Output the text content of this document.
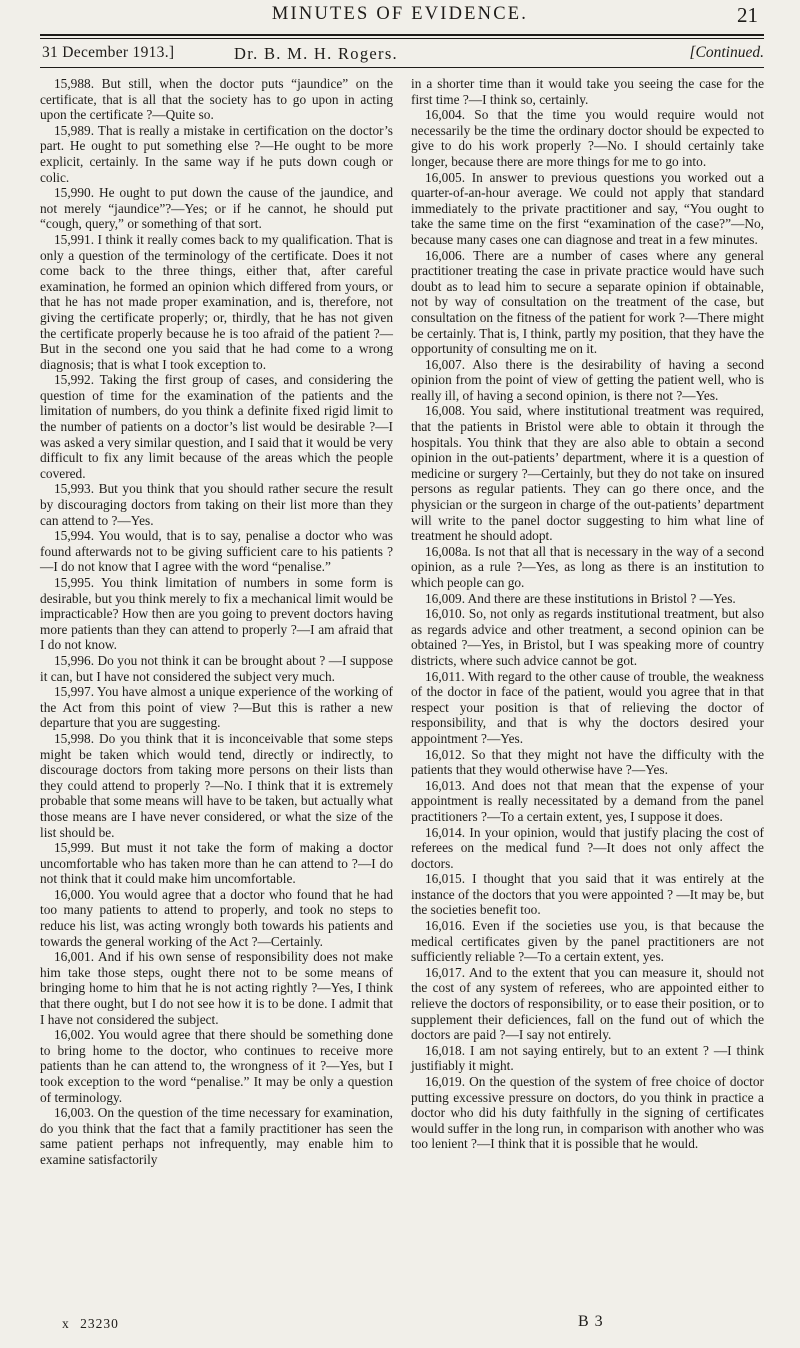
MINUTES OF EVIDENCE.	21
31 December 1913.]	Dr. B. M. H. Rogers.	[Continued.

15,988. But still, when the doctor puts “jaundice” on the certificate, that is all that the society has to go upon in acting upon the certificate ?—Quite so.

15,989. That is really a mistake in certification on the doctor’s part. He ought to put something else ?—He ought to be more explicit, certainly. In the same way if he puts down cough or colic.

15,990. He ought to put down the cause of the jaundice, and not merely “jaundice”?—Yes; or if he cannot, he should put “cough, query,” or something of that sort.

15,991. I think it really comes back to my qualification. That is only a question of the terminology of the certificate. Does it not come back to the three things, either that, after careful examination, he formed an opinion which differed from yours, or that he has not made proper examination, and is, therefore, not giving the certificate properly; or, thirdly, that he has not given the certificate properly because he is too afraid of the patient ?—But in the second one you said that he had come to a wrong diagnosis; that is what I took exception to.

15,992. Taking the first group of cases, and considering the question of time for the examination of the patients and the limitation of numbers, do you think a definite fixed rigid limit to the number of patients on a doctor’s list would be desirable ?—I was asked a very similar question, and I said that it would be very difficult to fix any limit because of the areas which the people covered.

15,993. But you think that you should rather secure the result by discouraging doctors from taking on their list more than they can attend to ?—Yes.

15,994. You would, that is to say, penalise a doctor who was found afterwards not to be giving sufficient care to his patients ?—I do not know that I agree with the word “penalise.”

15,995. You think limitation of numbers in some form is desirable, but you think merely to fix a mechanical limit would be impracticable? How then are you going to prevent doctors having more patients than they can attend to properly ?—I am afraid that I do not know.

15,996. Do you not think it can be brought about ? —I suppose it can, but I have not considered the subject very much.

15,997. You have almost a unique experience of the working of the Act from this point of view ?—But this is rather a new departure that you are suggesting.

15,998. Do you think that it is inconceivable that some steps might be taken which would tend, directly or indirectly, to discourage doctors from taking more persons on their lists than they could attend to properly ?—No. I think that it is extremely probable that some means will have to be taken, but actually what those means are I have never considered, or what the size of the list should be.

15,999. But must it not take the form of making a doctor uncomfortable who has taken more than he can attend to ?—I do not think that it could make him uncomfortable.

16,000. You would agree that a doctor who found that he had too many patients to attend to properly, and took no steps to reduce his list, was acting wrongly both towards his patients and towards the general working of the Act ?—Certainly.

16,001. And if his own sense of responsibility does not make him take those steps, ought there not to be some means of bringing home to him that he is not acting rightly ?—Yes, I think that there ought, but I do not see how it is to be done. I admit that I have not considered the subject.

16,002. You would agree that there should be something done to bring home to the doctor, who continues to receive more patients than he can attend to, the wrongness of it ?—Yes, but I took exception to the word “penalise.” It may be only a question of terminology.

16,003. On the question of the time necessary for examination, do you think that the fact that a family practitioner has seen the same patient perhaps not infrequently, may enable him to examine satisfactorily

in a shorter time than it would take you seeing the case for the first time ?—I think so, certainly.

16,004. So that the time you would require would not necessarily be the time the ordinary doctor should be expected to give to do his work properly ?—No. I should certainly take longer, because there are more things for me to go into.

16,005. In answer to previous questions you worked out a quarter-of-an-hour average. We could not apply that standard immediately to the private practitioner and say, “You ought to take the same time on the first “examination of the case?”—No, because many cases one can diagnose and treat in a few minutes.

16,006. There are a number of cases where any general practitioner treating the case in private practice would have such doubt as to lead him to secure a separate opinion if obtainable, not by way of consultation on the treatment of the case, but consultation on the fitness of the patient for work ?—There might be certainly. That is, I think, partly my position, that they have the opportunity of consulting me on it.

16,007. Also there is the desirability of having a second opinion from the point of view of getting the patient well, who is really ill, of having a second opinion, is there not ?—Yes.

16,008. You said, where institutional treatment was required, that the patients in Bristol were able to obtain it through the hospitals. You think that they are also able to obtain a second opinion in the out-patients’ department, where it is a question of medicine or surgery ?—Certainly, but they do not take on insured persons as regular patients. They can go there once, and the physician or the surgeon in charge of the out-patients’ department will write to the panel doctor suggesting to him what line of treatment he should adopt.

16,008a. Is not that all that is necessary in the way of a second opinion, as a rule ?—Yes, as long as there is an institution to which people can go.

16,009. And there are these institutions in Bristol ? —Yes.

16,010. So, not only as regards institutional treatment, but also as regards advice and other treatment, a second opinion can be obtained ?—Yes, in Bristol, but I was speaking more of country districts, where such advice cannot be got.

16,011. With regard to the other cause of trouble, the weakness of the doctor in face of the patient, would you agree that in that respect your position is that of relieving the doctor of responsibility, and that is why the doctors desired your appointment ?—Yes.

16,012. So that they might not have the difficulty with the patients that they would otherwise have ?—Yes.

16,013. And does not that mean that the expense of your appointment is really necessitated by a demand from the panel practitioners ?—To a certain extent, yes, I suppose it does.

16,014. In your opinion, would that justify placing the cost of referees on the medical fund ?—It does not only affect the doctors.

16,015. I thought that you said that it was entirely at the instance of the doctors that you were appointed ? —It may be, but the societies benefit too.

16,016. Even if the societies use you, is that because the medical certificates given by the panel practitioners are not sufficiently reliable ?—To a certain extent, yes.

16,017. And to the extent that you can measure it, should not the cost of any system of referees, who are appointed either to relieve the doctors of responsibility, or to ease their position, or to supplement their deficiences, fall on the fund out of which the doctors are paid ?—I say not entirely.

16,018. I am not saying entirely, but to an extent ? —I think justifiably it might.

16,019. On the question of the system of free choice of doctor putting excessive pressure on doctors, do you think in practice a doctor who did his duty faithfully in the signing of certificates would suffer in the long run, in comparison with another who was too lenient ?—I think that it is possible that he would.

x 23230	B 3
